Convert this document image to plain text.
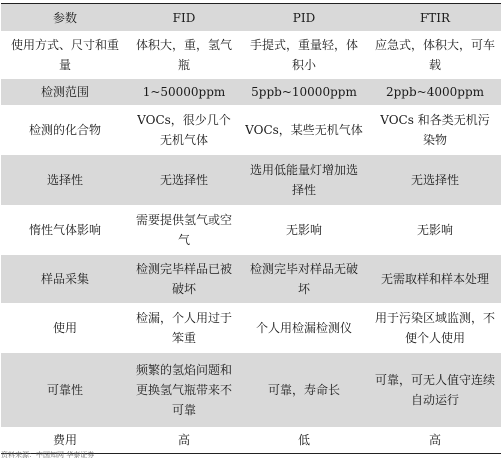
参数	FID	PID	FTIR
使用方式、尺寸和重量	体积大，重，氢气瓶	手提式，重量轻，体积小	应急式，体积大，可车载
检测范围	1~50000ppm	5ppb~10000ppm	2ppb~4000ppm
检测的化合物	VOCs，很少几个无机气体	VOCs，某些无机气体	VOCs 和各类无机污染物
选择性	无选择性	选用低能量灯增加选择性	无选择性
惰性气体影响	需要提供氢气或空气	无影响	无影响
样品采集	检测完毕样品已被破坏	检测完毕对样品无破坏	无需取样和样本处理
使用	检漏，个人用过于笨重	个人用检漏检测仪	用于污染区域监测，不便个人使用
可靠性	频繁的氢焰问题和更换氢气瓶带来不可靠	可靠，寿命长	可靠，可无人值守连续自动运行
费用	高	低	高
资料来源：中国知网 华泰证券
